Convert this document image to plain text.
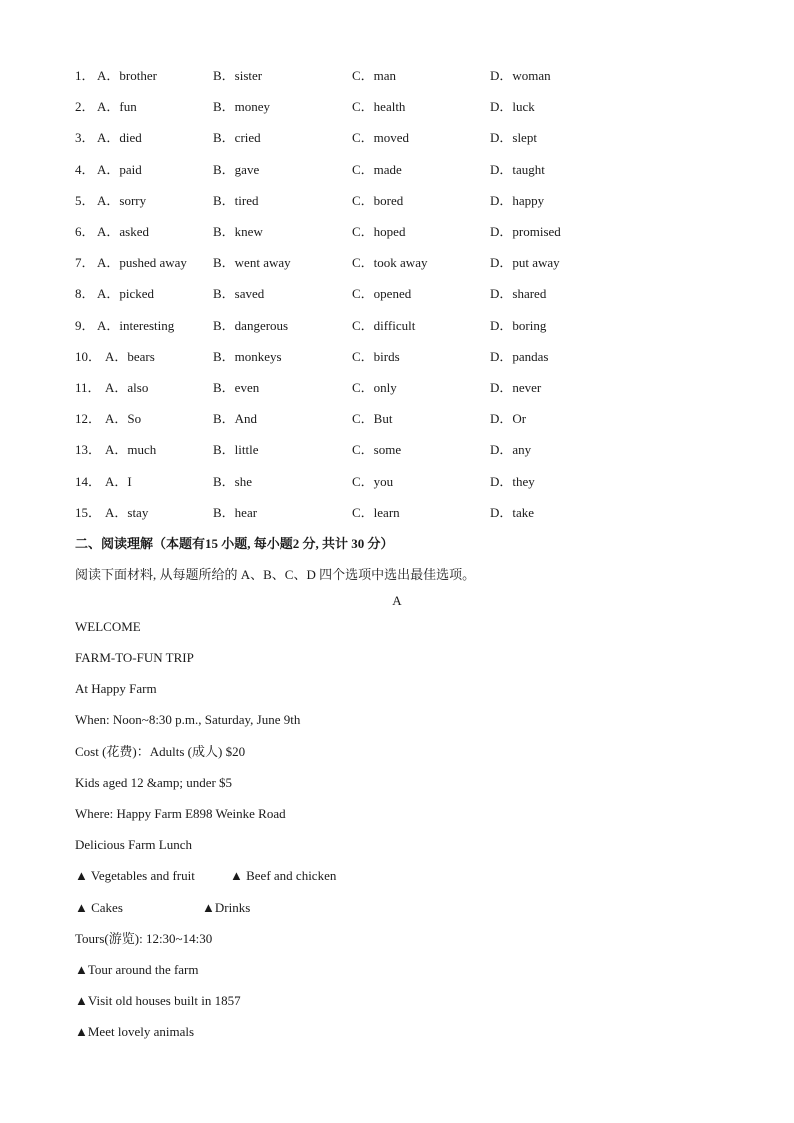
1． A．brother	B．sister	C．man	D．woman
2． A．fun	B．money	C．health	D．luck
3． A．died	B．cried	C．moved	D．slept
4． A．paid	B．gave	C．made	D．taught
5． A．sorry	B．tired	C．bored	D．happy
6． A．asked	B．knew	C．hoped	D．promised
7． A．pushed away B．went away	C．took away	D．put away
8． A．picked	B．saved	C．opened	D．shared
9． A．interesting	B．dangerous	C．difficult	D．boring
10． A．bears	B．monkeys	C．birds	D．pandas
11． A．also	B．even	C．only	D．never
12． A．So	B．And	C．But	D．Or
13． A．much	B．little	C．some	D．any
14． A．I	B．she	C．you	D．they
15． A．stay	B．hear	C．learn	D．take
二、阅读理解（本题有15 小题, 每小题2 分, 共计 30 分）
阅读下面材料, 从每题所给的 A、B、C、D 四个选项中选出最佳选项。
A
WELCOME
FARM-TO-FUN TRIP
At Happy Farm
When: Noon~8:30 p.m., Saturday, June 9th
Cost (花费)：Adults (成人) $20
Kids aged 12 &amp; under $5
Where: Happy Farm E898 Weinke Road
Delicious Farm Lunch
▲ Vegetables and fruit	▲ Beef and chicken
▲ Cakes	▲Drinks
Tours(游览): 12:30~14:30
▲Tour around the farm
▲Visit old houses built in 1857
▲Meet lovely animals
